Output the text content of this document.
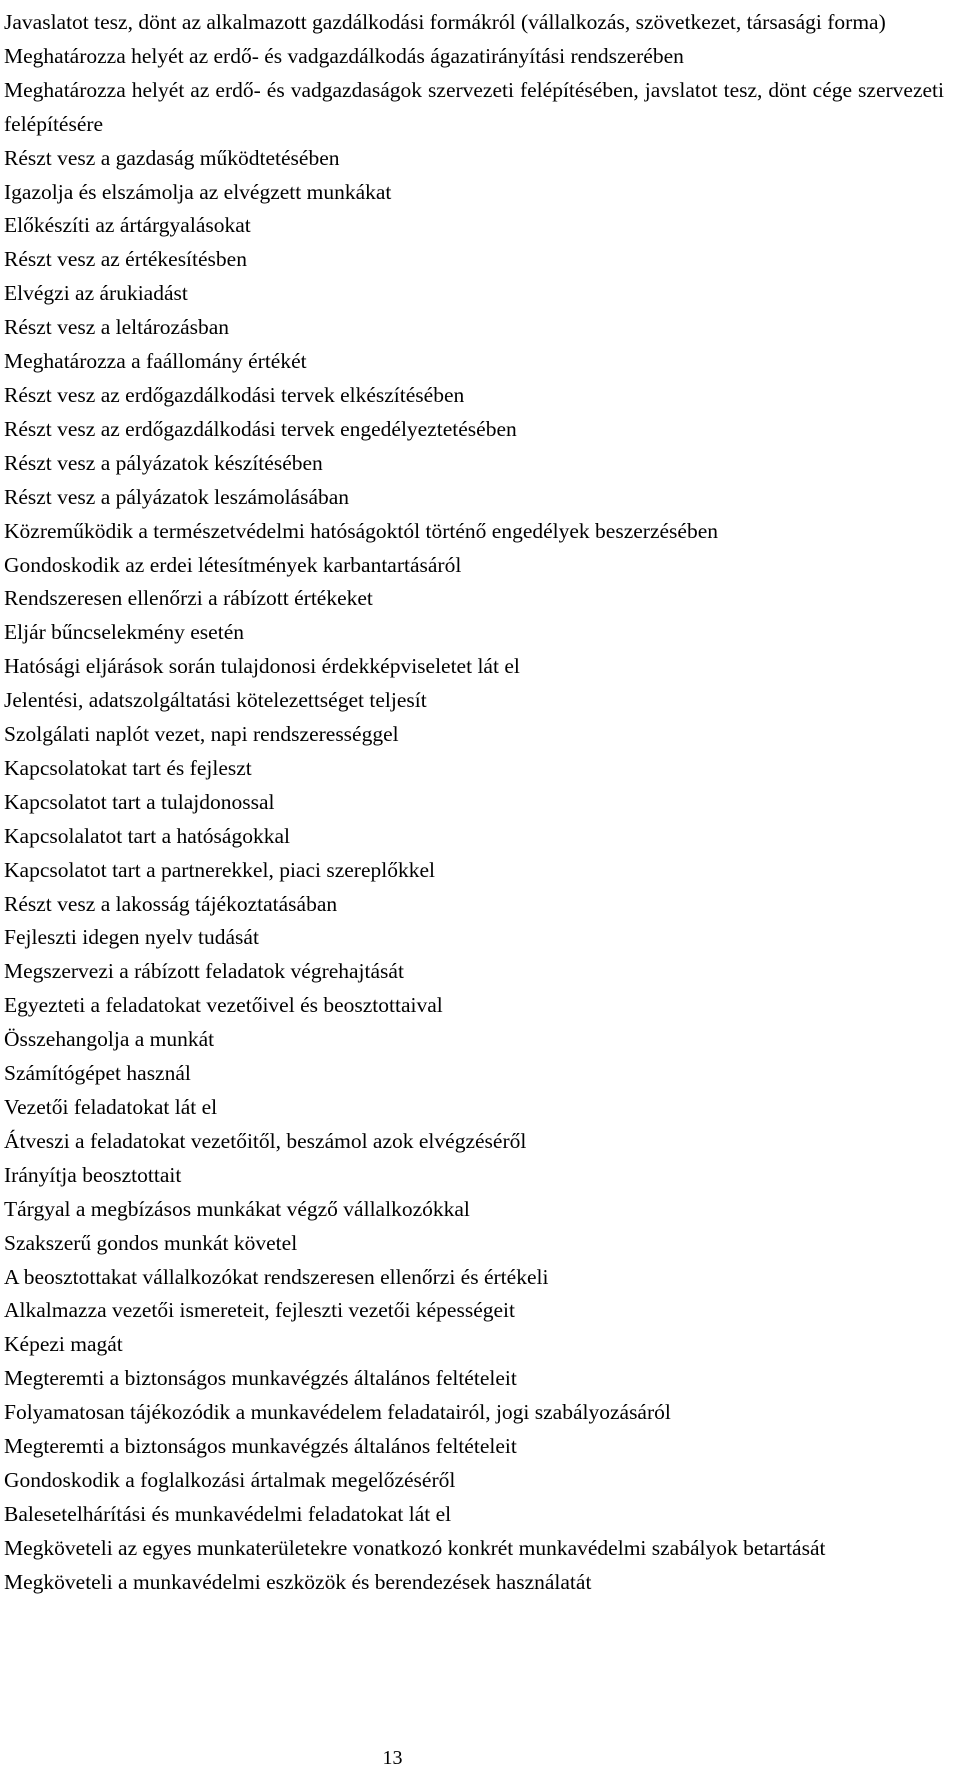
Javaslatot tesz, dönt az alkalmazott gazdálkodási formákról (vállalkozás, szövetkezet, társasági forma)
Meghatározza helyét az erdő- és vadgazdálkodás ágazatirányítási rendszerében
Meghatározza helyét az erdő- és vadgazdaságok szervezeti felépítésében, javslatot tesz, dönt cége szervezeti felépítésére
Részt vesz a gazdaság működtetésében
Igazolja és elszámolja az elvégzett munkákat
Előkészíti az ártárgyalásokat
Részt vesz az értékesítésben
Elvégzi az árukiadást
Részt vesz a leltározásban
Meghatározza a faállomány értékét
Részt vesz az erdőgazdálkodási tervek elkészítésében
Részt vesz az erdőgazdálkodási tervek engedélyeztetésében
Részt vesz a pályázatok készítésében
Részt vesz a pályázatok leszámolásában
Közreműködik a természetvédelmi hatóságoktól történő engedélyek beszerzésében
Gondoskodik az erdei létesítmények karbantartásáról
Rendszeresen ellenőrzi a rábízott értékeket
Eljár bűncselekmény esetén
Hatósági eljárások során tulajdonosi érdekképviseletet lát el
Jelentési, adatszolgáltatási kötelezettséget teljesít
Szolgálati naplót vezet, napi rendszerességgel
Kapcsolatokat tart és fejleszt
Kapcsolatot tart a tulajdonossal
Kapcsolalatot tart a hatóságokkal
Kapcsolatot tart a partnerekkel, piaci szereplőkkel
Részt vesz a lakosság tájékoztatásában
Fejleszti idegen nyelv tudását
Megszervezi a rábízott feladatok végrehajtását
Egyezteti a feladatokat vezetőivel és beosztottaival
Összehangolja a munkát
Számítógépet használ
Vezetői feladatokat lát el
Átveszi a feladatokat vezetőitől, beszámol azok elvégzéséről
Irányítja beosztottait
Tárgyal a megbízásos munkákat végző vállalkozókkal
Szakszerű gondos munkát követel
A beosztottakat vállalkozókat rendszeresen ellenőrzi és értékeli
Alkalmazza vezetői ismereteit, fejleszti vezetői képességeit
Képezi magát
Megteremti a biztonságos munkavégzés általános feltételeit
Folyamatosan tájékozódik a munkavédelem feladatairól, jogi szabályozásáról
Megteremti a biztonságos munkavégzés általános feltételeit
Gondoskodik a foglalkozási ártalmak megelőzéséről
Balesetelhárítási és munkavédelmi feladatokat lát el
Megköveteli az egyes munkaterületekre vonatkozó konkrét munkavédelmi szabályok betartását
Megköveteli a munkavédelmi eszközök és berendezések használatát
13
